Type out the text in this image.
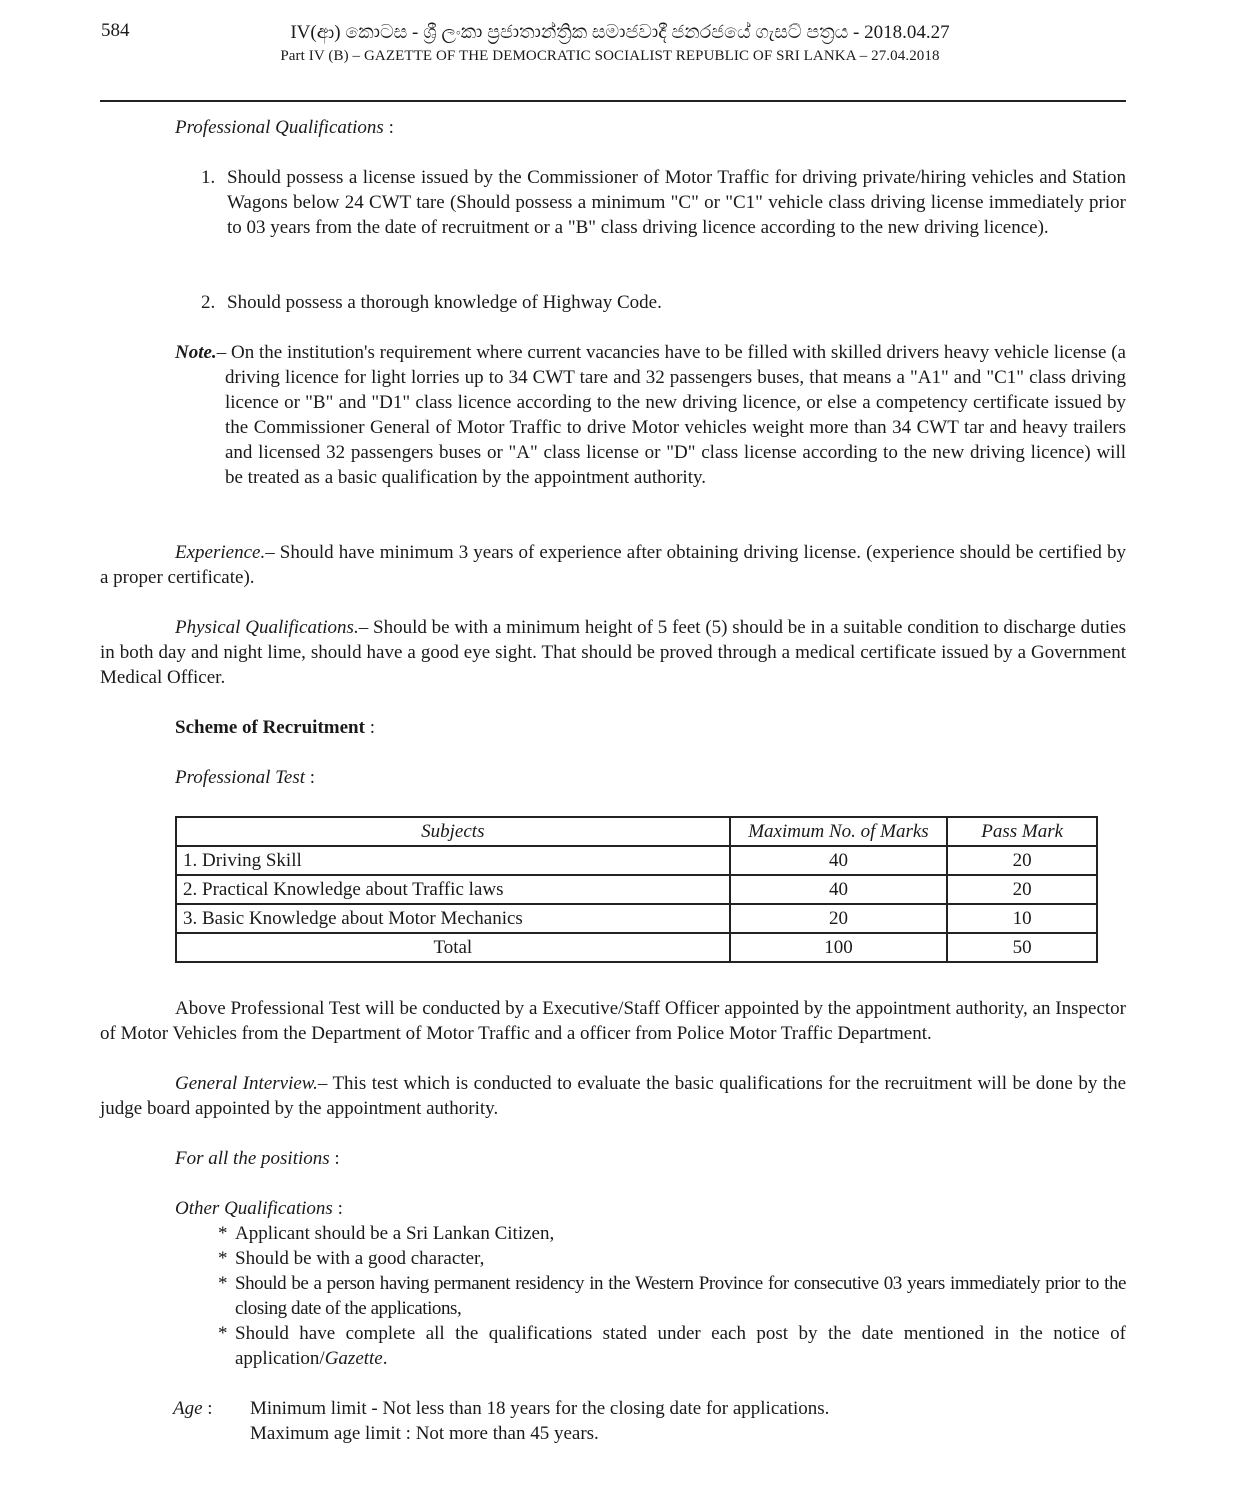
584	IV(ආ) කොටස - ශ්‍රී ලංකා ප්‍රජාතාන්ත්‍රික සමාජවාදී ජනරජයේ ගැසට් පත්‍රය - 2018.04.27
Part IV (B) – GAZETTE OF THE DEMOCRATIC SOCIALIST REPUBLIC OF SRI LANKA – 27.04.2018
Professional Qualifications :
1. Should possess a license issued by the Commissioner of Motor Traffic for driving private/hiring vehicles and Station Wagons below 24 CWT tare (Should possess a minimum "C" or "C1" vehicle class driving license immediately prior to 03 years from the date of recruitment or a "B" class driving licence according to the new driving licence).
2. Should possess a thorough knowledge of Highway Code.
Note.– On the institution's requirement where current vacancies have to be filled with skilled drivers heavy vehicle license (a driving licence for light lorries up to 34 CWT tare and 32 passengers buses, that means a "A1" and "C1" class driving licence or "B" and "D1" class licence according to the new driving licence, or else a competency certificate issued by the Commissioner General of Motor Traffic to drive Motor vehicles weight more than 34 CWT tar and heavy trailers and licensed 32 passengers buses or "A" class license or "D" class license according to the new driving licence) will be treated as a basic qualification by the appointment authority.
Experience.– Should have minimum 3 years of experience after obtaining driving license. (experience should be certified by a proper certificate).
Physical Qualifications.– Should be with a minimum height of 5 feet (5) should be in a suitable condition to discharge duties in both day and night lime, should have a good eye sight. That should be proved through a medical certificate issued by a Government Medical Officer.
Scheme of Recruitment :
Professional Test :
Subjects	Maximum No. of Marks	Pass Mark
1. Driving Skill	40	20
2. Practical Knowledge about Traffic laws	40	20
3. Basic Knowledge about Motor Mechanics	20	10
Total	100	50
Above Professional Test will be conducted by a Executive/Staff Officer appointed by the appointment authority, an Inspector of Motor Vehicles from the Department of Motor Traffic and a officer from Police Motor Traffic Department.
General Interview.– This test which is conducted to evaluate the basic qualifications for the recruitment will be done by the judge board appointed by the appointment authority.
For all the positions :
Other Qualifications :
* Applicant should be a Sri Lankan Citizen,
* Should be with a good character,
* Should be a person having permanent residency in the Western Province for consecutive 03 years immediately prior to the closing date of the applications,
* Should have complete all the qualifications stated under each post by the date mentioned in the notice of application/Gazette.
Age : Minimum limit - Not less than 18 years for the closing date for applications.
Maximum age limit : Not more than 45 years.
